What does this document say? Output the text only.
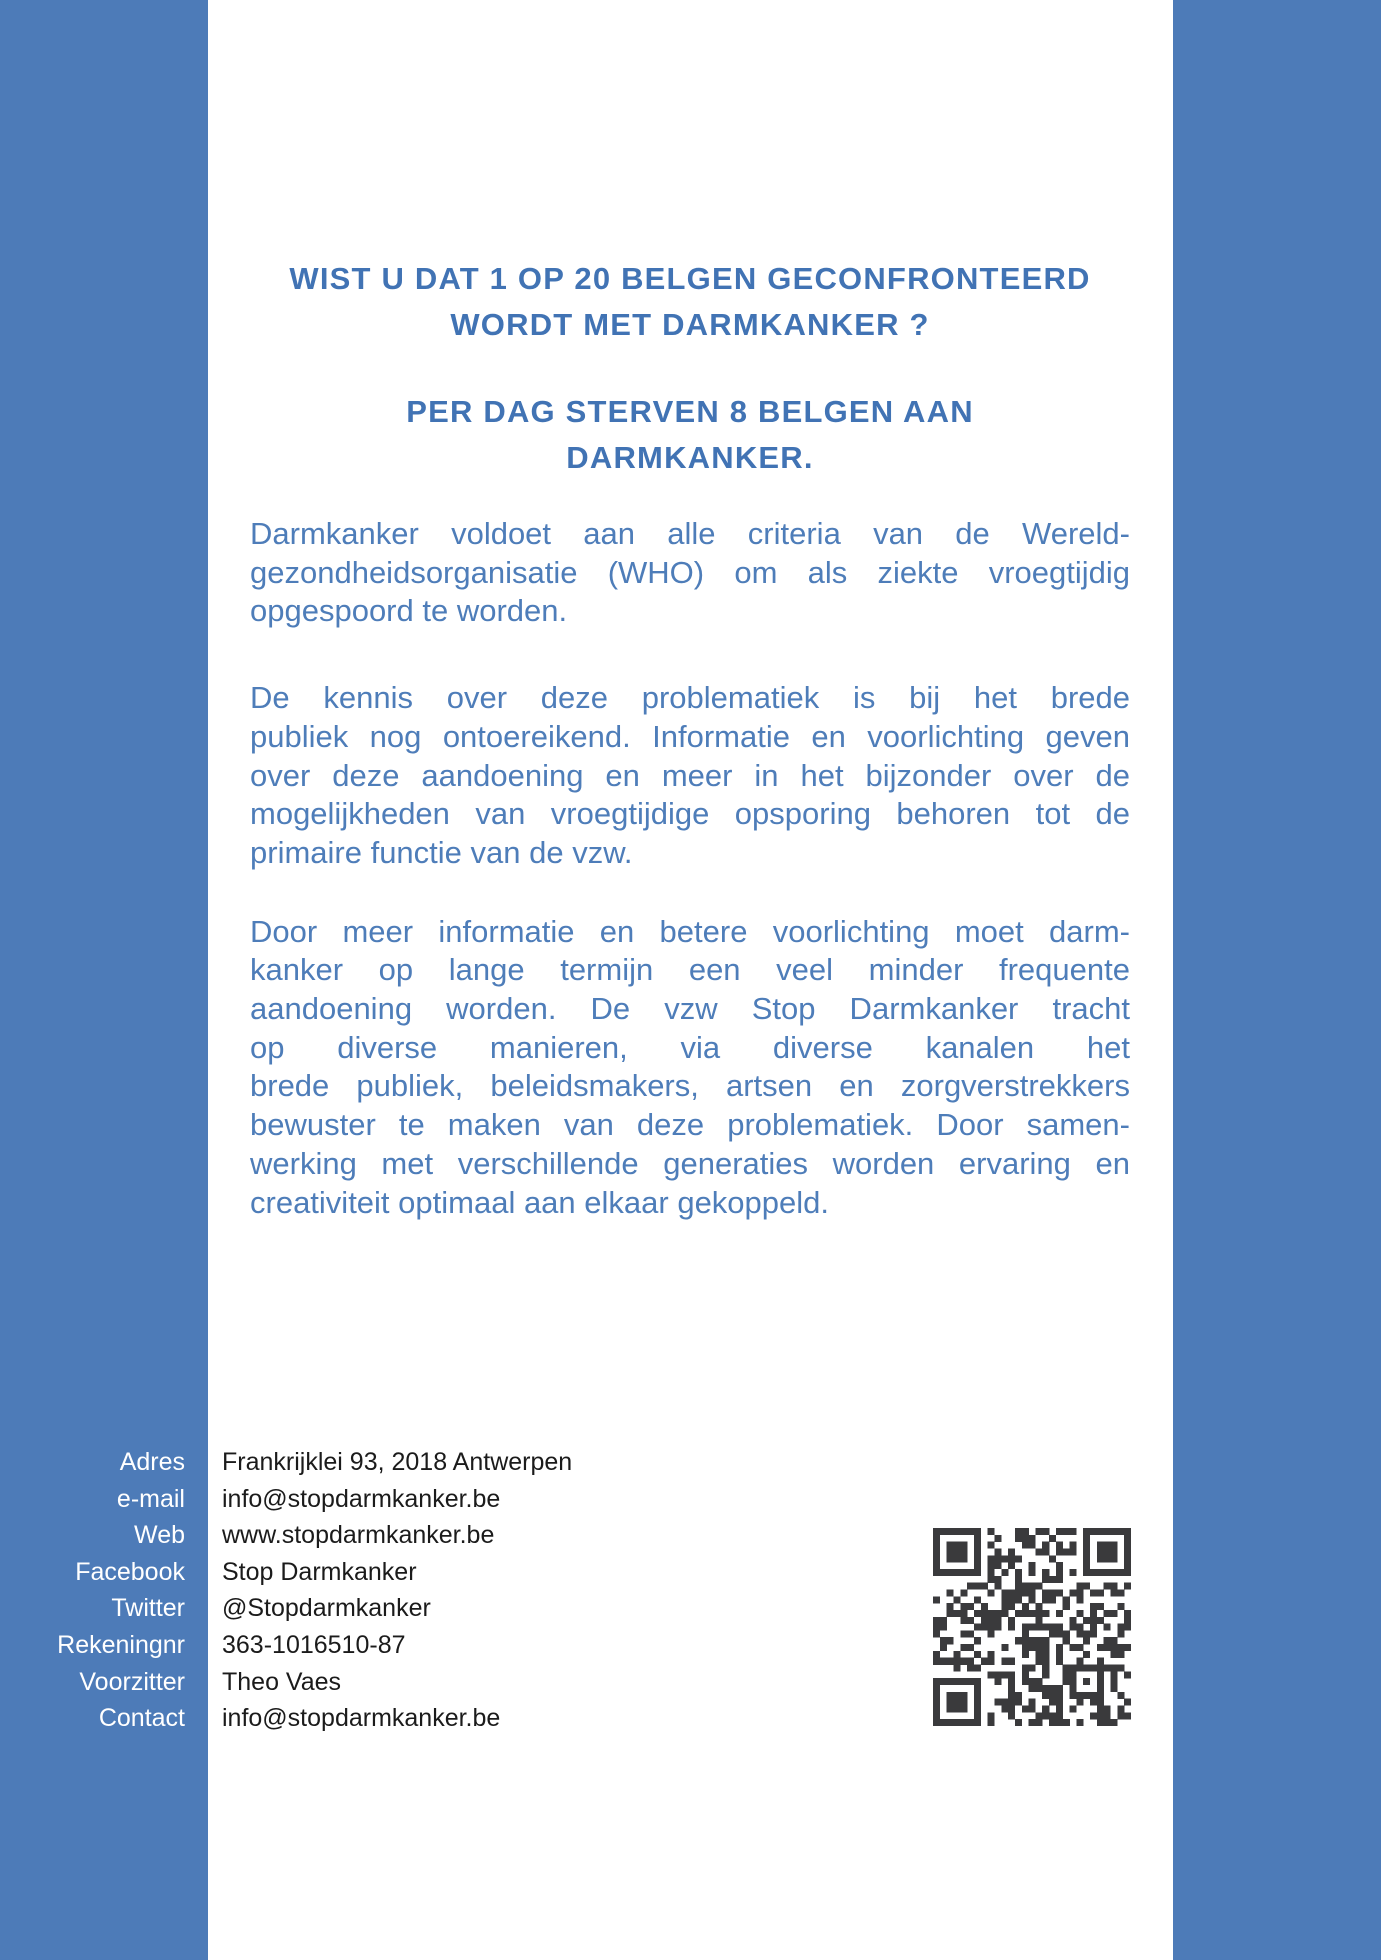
WIST U DAT 1 OP 20 BELGEN GECONFRONTEERD
WORDT MET DARMKANKER ?
PER DAG STERVEN 8 BELGEN AAN
DARMKANKER.
Darmkanker voldoet aan alle criteria van de Wereld-
gezondheidsorganisatie (WHO) om als ziekte vroegtijdig
opgespoord te worden.
De kennis over deze problematiek is bij het brede
publiek nog ontoereikend. Informatie en voorlichting geven
over deze aandoening en meer in het bijzonder over de
mogelijkheden van vroegtijdige opsporing behoren tot de
primaire functie van de vzw.
Door meer informatie en betere voorlichting moet darm-
kanker op lange termijn een veel minder frequente
aandoening worden. De vzw Stop Darmkanker tracht
op diverse manieren, via diverse kanalen het
brede publiek, beleidsmakers, artsen en zorgverstrekkers
bewuster te maken van deze problematiek. Door samen-
werking met verschillende generaties worden ervaring en
creativiteit optimaal aan elkaar gekoppeld.
Adres Frankrijklei 93, 2018 Antwerpen
e-mail info@stopdarmkanker.be
Web www.stopdarmkanker.be
Facebook Stop Darmkanker
Twitter @Stopdarmkanker
Rekeningnr 363-1016510-87
Voorzitter Theo Vaes
Contact info@stopdarmkanker.be
